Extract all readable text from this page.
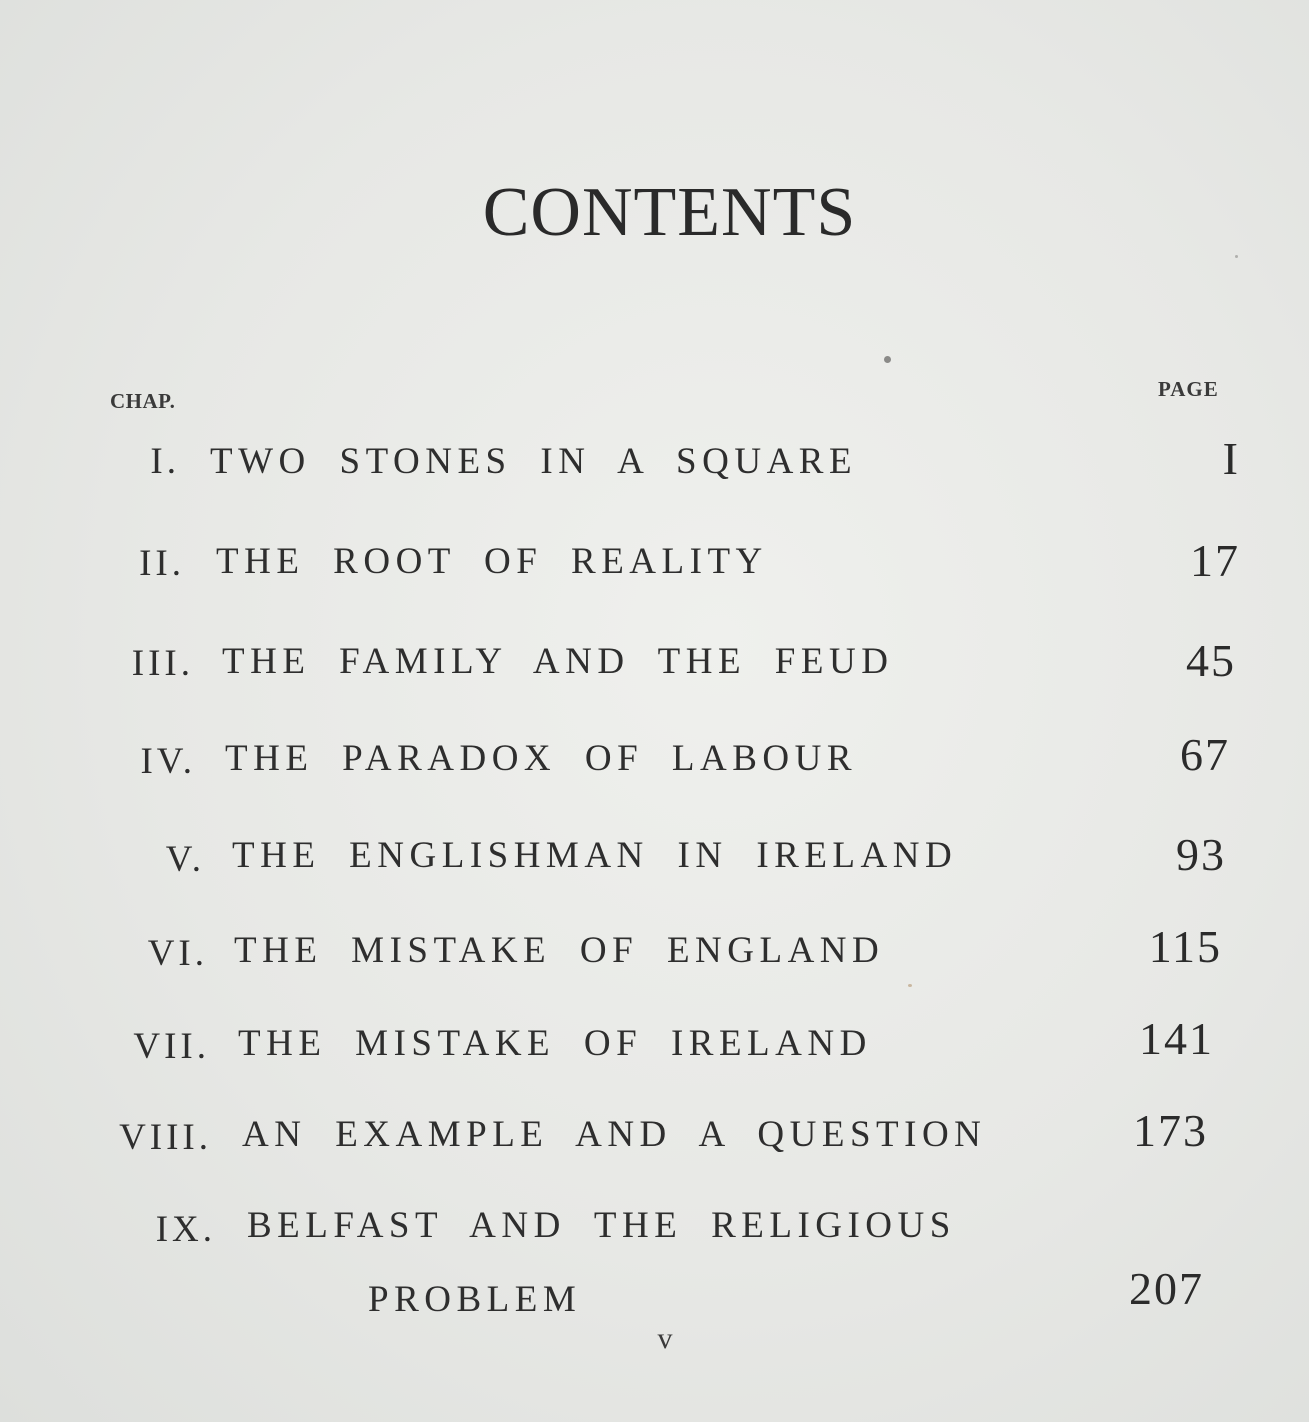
CONTENTS
CHAP.	PAGE
I. TWO STONES IN A SQUARE	I
II. THE ROOT OF REALITY	17
III. THE FAMILY AND THE FEUD	45
IV. THE PARADOX OF LABOUR	67
V. THE ENGLISHMAN IN IRELAND	93
VI. THE MISTAKE OF ENGLAND	115
VII. THE MISTAKE OF IRELAND	141
VIII. AN EXAMPLE AND A QUESTION	173
IX. BELFAST AND THE RELIGIOUS
PROBLEM	207
v
